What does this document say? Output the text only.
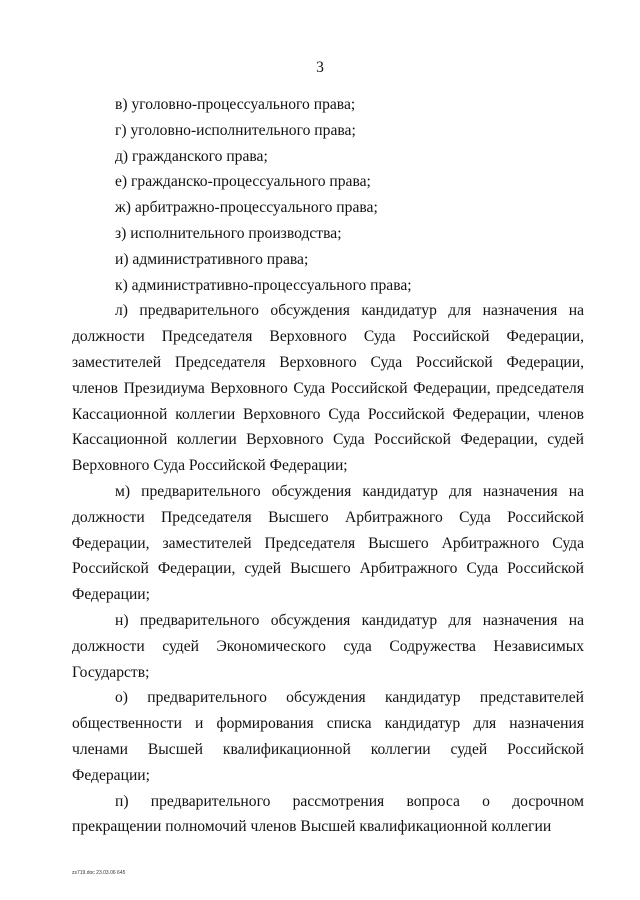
3

в) уголовно-процессуального права;

г) уголовно-исполнительного права;

д) гражданского права;

е) гражданско-процессуального права;

ж) арбитражно-процессуального права;

з) исполнительного производства;

и) административного права;

к) административно-процессуального права;

л) предварительного обсуждения кандидатур для назначения на должности Председателя Верховного Суда Российской Федерации, заместителей Председателя Верховного Суда Российской Федерации, членов Президиума Верховного Суда Российской Федерации, председателя Кассационной коллегии Верховного Суда Российской Федерации, членов Кассационной коллегии Верховного Суда Российской Федерации, судей Верховного Суда Российской Федерации;

м) предварительного обсуждения кандидатур для назначения на должности Председателя Высшего Арбитражного Суда Российской Федерации, заместителей Председателя Высшего Арбитражного Суда Российской Федерации, судей Высшего Арбитражного Суда Российской Федерации;

н) предварительного обсуждения кандидатур для назначения на должности судей Экономического суда Содружества Независимых Государств;

о) предварительного обсуждения кандидатур представителей общественности и формирования списка кандидатур для назначения членами Высшей квалификационной коллегии судей Российской Федерации;

п) предварительного рассмотрения вопроса о досрочном прекращении полномочий членов Высшей квалификационной коллегии

zs719.doc 23.03.06 645
